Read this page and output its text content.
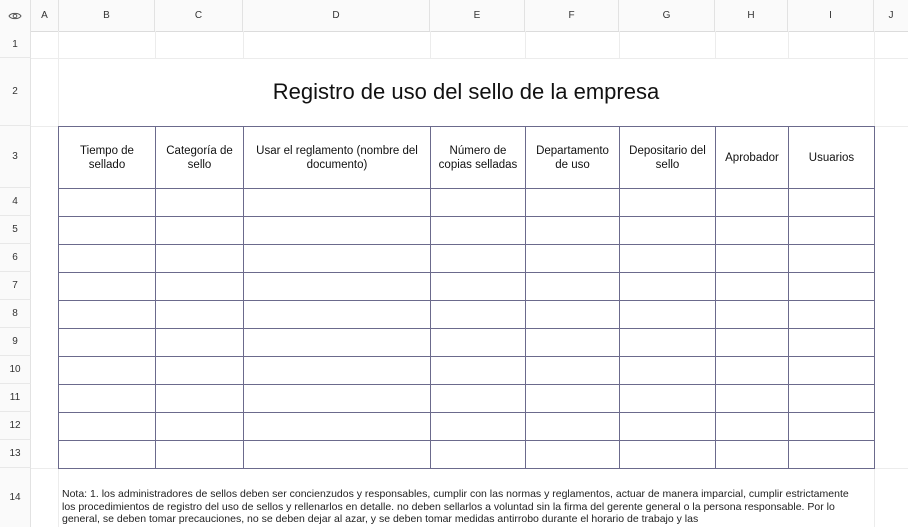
A	B	C	D	E	F	G	H	I	J
1
2
3
4
5
6
7
8
9
10
11
12
13
14
Registro de uso del sello de la empresa
Tiempo de sellado	Categoría de sello	Usar el reglamento (nombre del documento)	Número de copias selladas	Departamento de uso	Depositario del sello	Aprobador	Usuarios

Nota: 1. los administradores de sellos deben ser concienzudos y responsables, cumplir con las normas y reglamentos, actuar de manera imparcial, cumplir estrictamente los procedimientos de registro del uso de sellos y rellenarlos en detalle. no deben sellarlos a voluntad sin la firma del gerente general o la persona responsable. Por lo general, se deben tomar precauciones, no se deben dejar al azar, y se deben tomar medidas antirrobo durante el horario de trabajo y las
